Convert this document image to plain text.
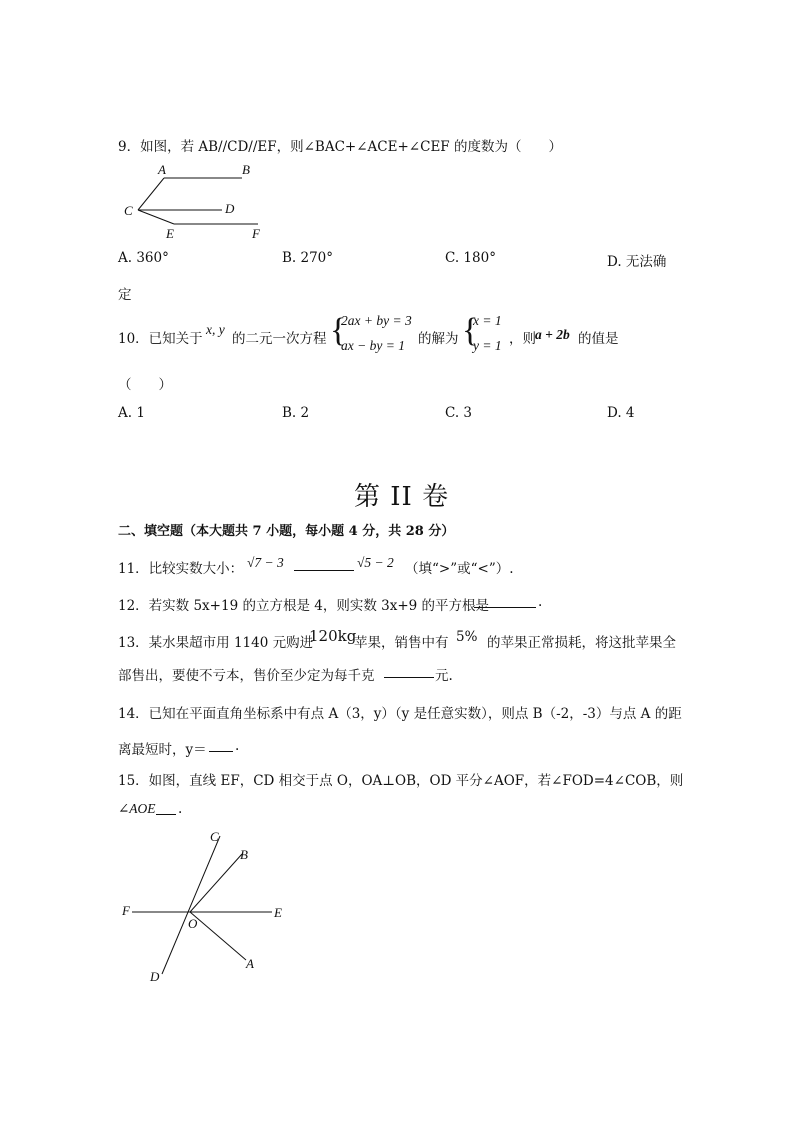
9．如图，若 AB//CD//EF，则∠BAC+∠ACE+∠CEF 的度数为（　　）
A	B
C	D
E	F
A. 360°	B. 270°	C. 180°	D. 无法确
定
10．已知关于
x, y
的二元一次方程 {
2ax + by = 3
ax − by = 1 的解为 {
x = 1
y = 1 ，则 a + 2b 的值是
（　　）
A. 1	B. 2	C. 3	D. 4
第 II 卷
二、填空题（本大题共 7 小题，每小题 4 分，共 28 分）
11．比较实数大小： √7 − 3	√5 − 2 （填“>”或“<”）.
12．若实数 5x+19 的立方根是 4，则实数 3x+9 的平方根是	.
13．某水果超市用 1140 元购进
120kg
苹果，销售中有 5% 的苹果正常损耗，将这批苹果全
部售出，要使不亏本，售价至少定为每千克	元.
14．已知在平面直角坐标系中有点 A（3，y）（y 是任意实数），则点 B（-2，-3）与点 A 的距
离最短时，y＝ .
15．如图，直线 EF，CD 相交于点 O，OA⊥OB，OD 平分∠AOF，若∠FOD=4∠COB，则
∠AOE .
C
B
F
O
E
D
A
